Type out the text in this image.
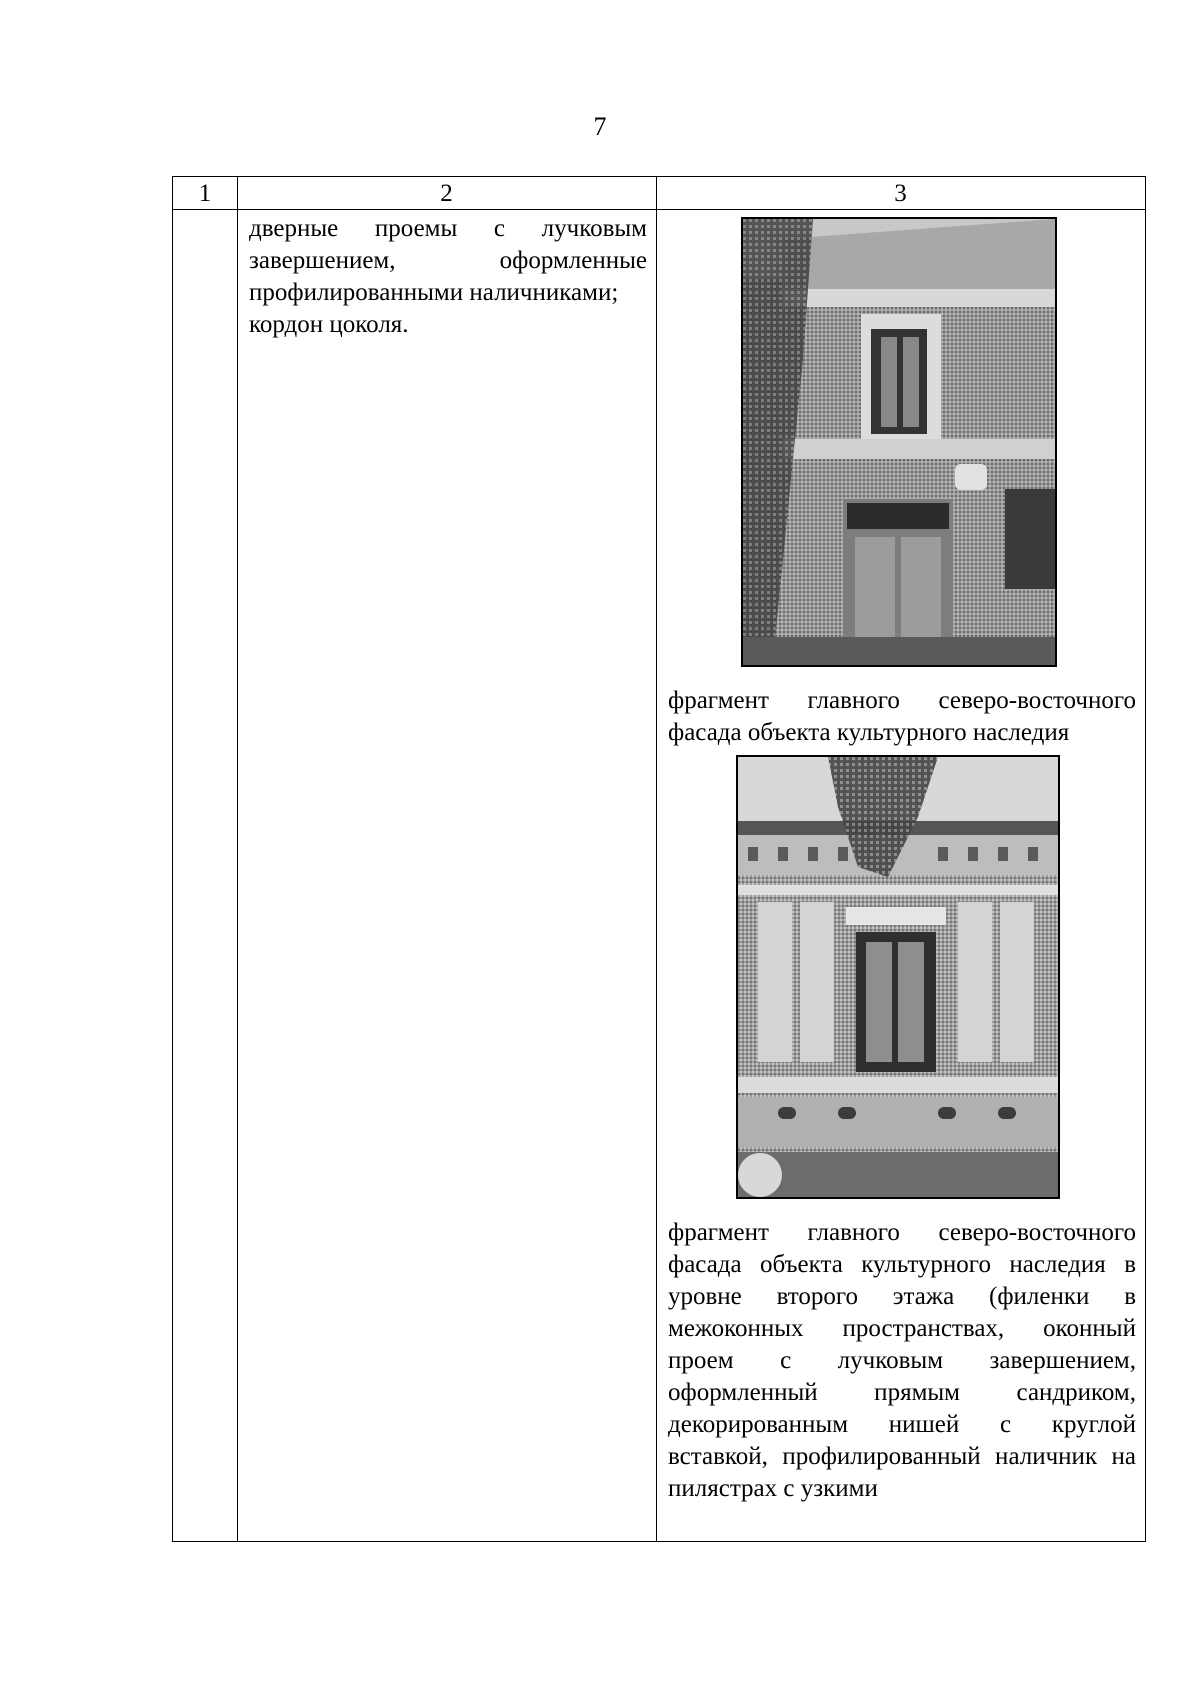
7
1	2	3
дверные проемы с лучковым завершением, оформленные профилированными наличниками;
кордон цоколя.
фрагмент главного северо-восточного фасада объекта культурного наследия
фрагмент главного северо-восточного фасада объекта культурного наследия в уровне второго этажа (филенки в межоконных пространствах, оконный проем с лучковым завершением, оформленный прямым сандриком, декорированным нишей с круглой вставкой, профилированный наличник на пилястрах с узкими
